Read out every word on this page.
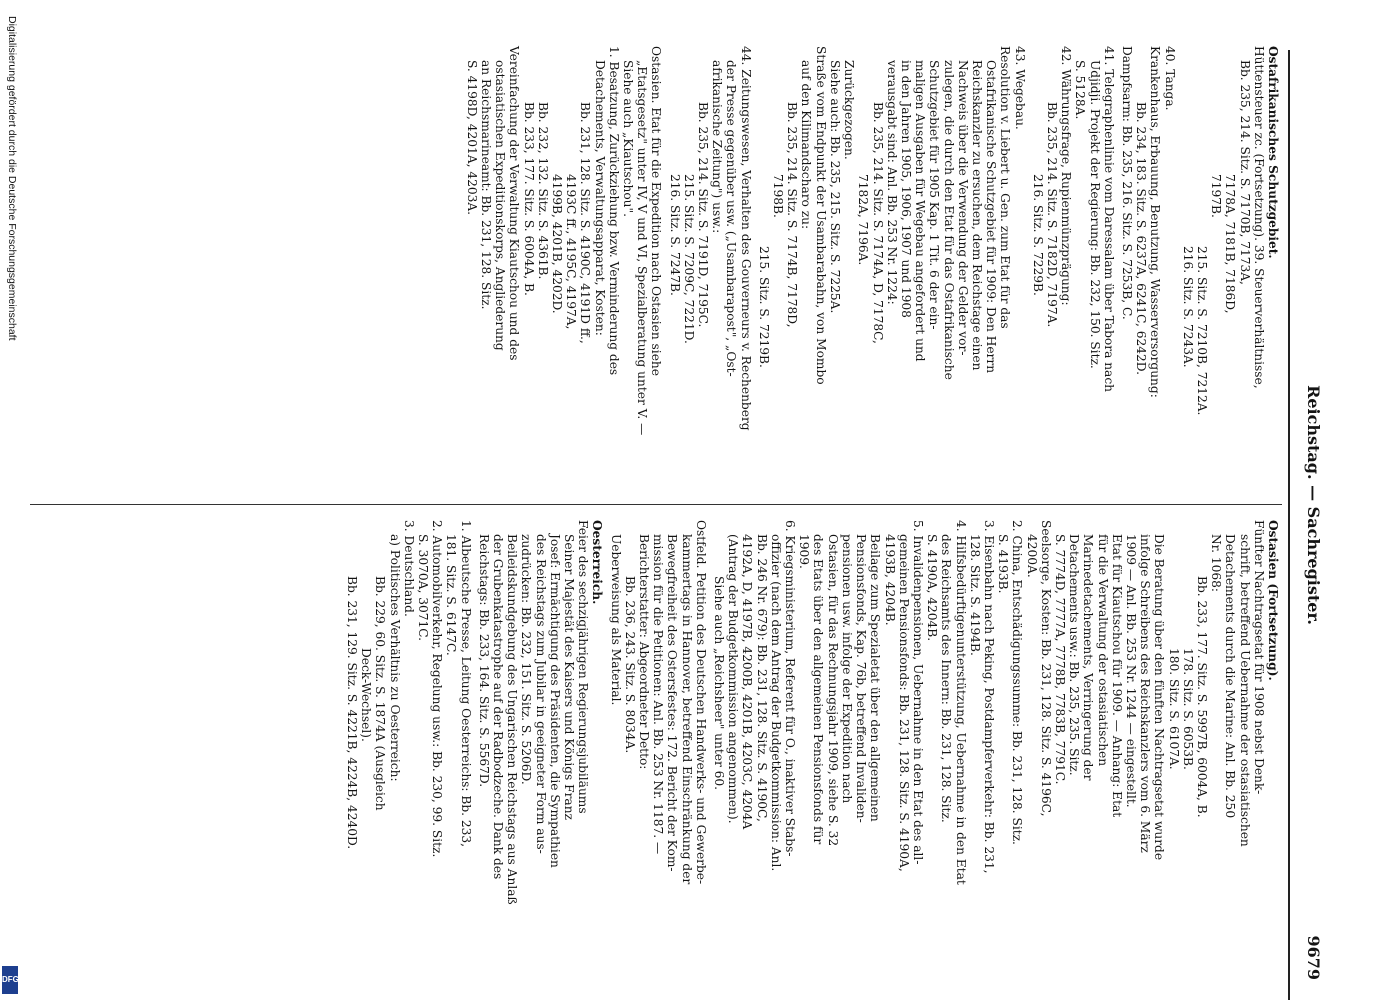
Digitalisierung gefördert durch die Deutsche Forschungsgemeinschaft
DFG
Reichstag. — Sachregister.
9679

Ostafrikanisches Schutzgebiet.

Hüttensteuer zc. (Fortsetzung). 39. Steuerverhältnisse,

Bb. 235, 214. Sitz. S. 7170B, 7173A,

7178A, 7181B, 7186D,

7197B.

215. Sitz. S. 7210B, 7212A.

216. Sitz. S. 7243A.

40. Tanga.

Krankenhaus, Erbauung, Benutzung, Wasserversorgung:

Bb. 234, 183. Sitz. S. 6237A, 6241C, 6242D.

Dampfsarm: Bb. 235, 216. Sitz. S. 7253B, C.

41. Telegraphenlinie vom Daressalam über Tabora nach

Udjidji. Projekt der Regierung: Bb. 232, 150. Sitz.

S. 5128A.

42. Währungsfrage, Rupienmünzprägung:

Bb. 235, 214. Sitz. S. 7182D, 7197A.

216. Sitz. S. 7229B.

43. Wegebau.

Resolution v. Liebert u. Gen. zum Etat für das

Ostafrikanische Schutzgebiet für 1909: Den Herrn

Reichskanzler zu ersuchen, dem Reichstage einen

Nachweis über die Verwendung der Gelder vor-

zulegen, die durch den Etat für das Ostafrikanische

Schutzgebiet für 1905 Kap. 1 Tit. 6 der ein-

maligen Ausgaben für Wegebau angefordert und

in den Jahren 1905, 1906, 1907 und 1908

verausgabt sind: Anl. Bb. 253 Nr. 1224:

Bb. 235, 214. Sitz. S. 7174A, D, 7178C,

7182A, 7196A.

Zurückgezogen.

Siehe auch: Bb. 235, 215. Sitz. S. 7225A.

Straße vom Endpunkt der Usambarabahn, von Mombo

auf den Kilimandscharo zu:

Bb. 235, 214. Sitz. S. 7174B, 7178D,

7198B.

215. Sitz. S. 7219B.

44. Zeitungswesen, Verhalten des Gouverneurs v. Rechenberg

der Presse gegenüber usw. („Usambarapost", „Ost-

afrikanische Zeitung") usw.:

Bb. 235, 214. Sitz. S. 7191D, 7195C.

215. Sitz. S. 7209C, 7221D.

216. Sitz. S. 7247B.

Ostasien. Etat für die Expedition nach Ostasien siehe

„Etatsgesetz" unter IV, V und VI, Spezialberatung unter V. —

Siehe auch „Kiautschou".

1. Besatzung, Zurückziehung bzw. Verminderung des

Detachements, Verwaltungsapparat, Kosten:

Bb. 231, 128. Sitz. S. 4190C, 4191D ff.,

4193C ff., 4195C, 4197A,

4199B, 4201B, 4202D.

Bb. 232, 132. Sitz. S. 4361B.

Bb. 233, 177. Sitz. S. 6004A, B.

Vereinfachung der Verwaltung Kiautschou und des

ostasiatischen Expeditionskorps, Angliederung

an Reichsmarineamt: Bb. 231, 128. Sitz.

S. 4198D, 4201A, 4203A.

Ostasien (Fortsetzung).

Fünfter Nachtragsetat für 1908 nebst Denk-

schrift, betreffend Uebernahme der ostasiatischen

Detachements durch die Marine: Anl. Bb. 250

Nr. 1068:

Bb. 233, 177. Sitz. S. 5997B, 6004A, B.

178. Sitz. S. 6053B.

180. Sitz. S. 6107A.

Die Beratung über den fünften Nachtragsetat wurde

infolge Schreibens des Reichskanzlers vom 6. März

1909 — Anl. Bb. 253 Nr. 1244 — eingestellt.

Etat für Kiautschou für 1909. — Anhang: Etat

für die Verwaltung der ostasiatischen

Marinedetachements, Verringerung der

Detachements usw.: Bb. 235, 235. Sitz.

S. 7774D, 7777A, 7778B, 7783B, 7791C.

Seelsorge, Kosten: Bb. 231, 128. Sitz. S. 4196C,

4200A.

2. China, Entschädigungssumme: Bb. 231, 128. Sitz.

S. 4193B.

3. Eisenbahn nach Peking, Postdampferverkehr: Bb. 231,

128. Sitz. S. 4194B.

4. Hilfsbedürftigenunterstützung, Uebernahme in den Etat

des Reichsamts des Innern: Bb. 231, 128. Sitz.

S. 4190A, 4204B.

5. Invalidenpensionen, Uebernahme in den Etat des all-

gemeinen Pensionsfonds: Bb. 231, 128. Sitz. S. 4190A,

4193B, 4204B.

Beilage zum Spezialetat über den allgemeinen

Pensionsfonds, Kap. 76b, betreffend Invaliden-

pensionen usw. infolge der Expedition nach

Ostasien, für das Rechnungsjahr 1909, siehe S. 32

des Etats über den allgemeinen Pensionsfonds für

1909.

6. Kriegsministerium, Referent für O., inaktiver Stabs-

offizier (nach dem Antrag der Budgetkommission: Anl.

Bb. 246 Nr. 679): Bb. 231, 128. Sitz. S. 4190C,

4192A, D, 4197B, 4200B, 4201B, 4203C, 4204A

(Antrag der Budgetkommission angenommen).

Siehe auch „Reichsheer" unter 60.

Ostfeld. Petition des Deutschen Handwerks- und Gewerbe-

kammertags in Hannover, betreffend Einschränkung der

Bewegfreiheit des Ostersfestes: 172. Bericht der Kom-

mission für die Petitionen: Anl. Bb. 253 Nr. 1187. —

Berichterstatter: Abgeordneter Detto:

Bb. 236, 243. Sitz. S. 8034A.

Ueberweisung als Material.

Oesterreich.

Feier des sechzigjährigen Regierungsjubiläums

Seiner Majestät des Kaisers und Königs Franz

Josef: Ermächtigung des Präsidenten, die Sympathien

des Reichstags zum Jubilar in geeigneter Form aus-

zudrücken: Bb. 232, 151. Sitz. S. 5206D.

Beileidskundgebung des Ungarischen Reichstags aus Anlaß

der Grubenkatastrophe auf der Radbodzeche. Dank des

Reichstags: Bb. 233, 164. Sitz. S. 5567D.

1. Albeutsche Presse, Leitung Oesterreichs: Bb. 233,

181. Sitz. S. 6147C.

2. Automobilverkehr, Regelung usw.: Bb. 230, 99. Sitz.

S. 3070A, 3071C.

3. Deutschland.

a) Politisches Verhältnis zu Oesterreich:

Bb. 229, 60. Sitz. S. 1874A (Ausgleich

Deck-Wechsel).

Bb. 231, 129. Sitz. S. 4221B, 4224B, 4240D.
